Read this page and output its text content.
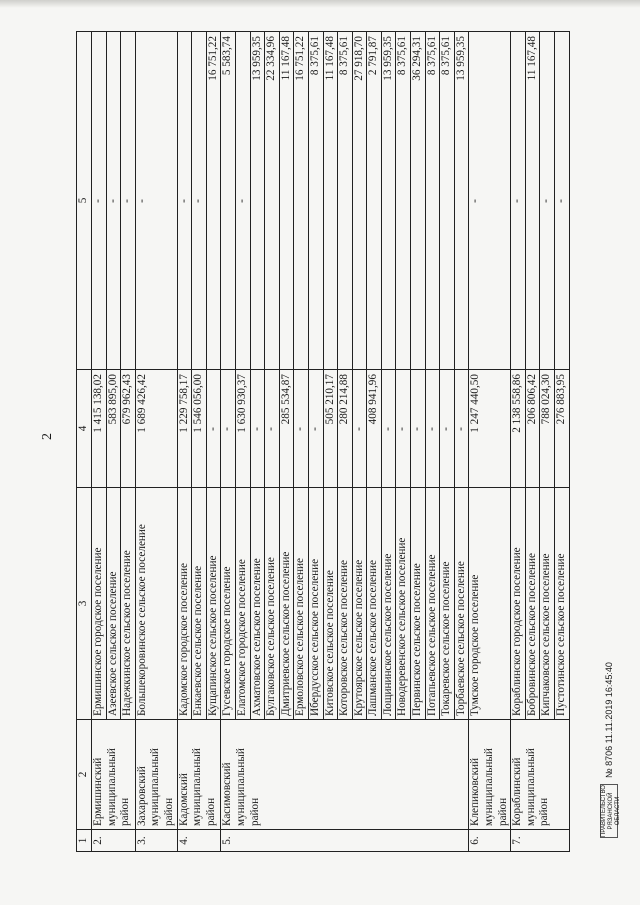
2
1	2	3	4	5
2.	Ермишинский муниципальный район	Ермишинское городское поселение	1 415 138,02	-
		Азеевское сельское поселение	583 895,00	-
		Надежкинское сельское поселение	679 962,43	-
3.	Захаровский муниципальный район	Большекоровинское сельское поселение	1 689 426,42	-
4.	Кадомский муниципальный район	Кадомское городское поселение	1 229 758,17	-
		Енкаевское сельское поселение	1 546 056,00	-
		Кущапинское сельское поселение	-	16 751,22
5.	Касимовский муниципальный район	Гусевское городское поселение	-	5 583,74
		Елатомское городское поселение	1 630 930,37	-
		Ахматовское сельское поселение	-	13 959,35
		Булгаковское сельское поселение	-	22 334,96
		Дмитриевское сельское поселение	285 534,87	11 167,48
		Ермоловское сельское поселение	-	16 751,22
		Ибердусское сельское поселение	-	8 375,61
		Китовское сельское поселение	505 210,17	11 167,48
		Которовское сельское поселение	280 214,88	8 375,61
		Крутоярское сельское поселение	-	27 918,70
		Лашманское сельское поселение	408 941,96	2 791,87
		Лощининское сельское поселение	-	13 959,35
		Новодеревенское сельское поселение	-	8 375,61
		Первинское сельское поселение	-	36 294,31
		Потапьевское сельское поселение	-	8 375,61
		Токаревское сельское поселение	-	8 375,61
		Торбаевское сельское поселение	-	13 959,35
6.	Клепиковский муниципальный район	Тумское городское поселение	1 247 440,50	-
7.	Кораблинский муниципальный район	Кораблинское городское поселение	2 138 558,86	-
		Бобровинское сельское поселение	206 806,42	11 167,48
		Кипчаковское сельское поселение	788 024,30	-
		Пустотинское сельское поселение	276 883,95	-
ПРАВИТЕЛЬСТВО РЯЗАНСКОЙ ОБЛАСТИ
№ 8706 11.11.2019 16:45:40
